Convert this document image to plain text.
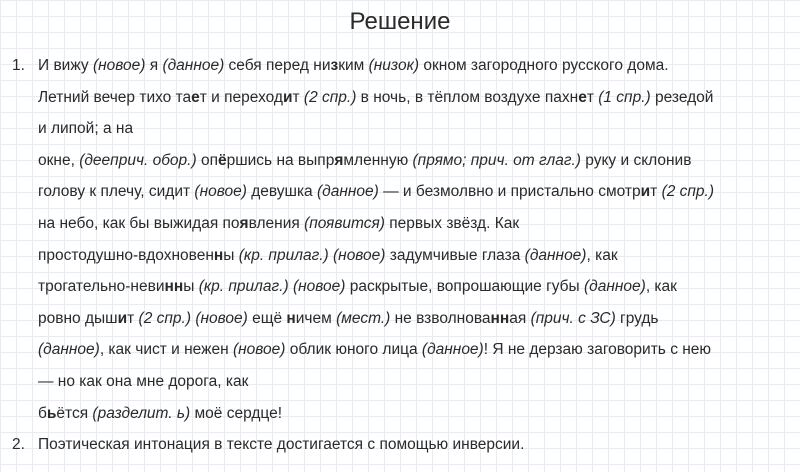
Решение
1. И вижу (новое) я (данное) себя перед низким (низок) окном загородного русского дома.
Летний вечер тихо тает и переходит (2 спр.) в ночь, в тёплом воздухе пахнет (1 спр.) резедой
и липой; а на
окне, (дееприч. обор.) опёршись на выпрямленную (прямо; прич. от глаг.) руку и склонив
голову к плечу, сидит (новое) девушка (данное) — и безмолвно и пристально смотрит (2 спр.)
на небо, как бы выжидая появления (появится) первых звёзд. Как
простодушно-вдохновенны (кр. прилаг.) (новое) задумчивые глаза (данное), как
трогательно-невинны (кр. прилаг.) (новое) раскрытые, вопрошающие губы (данное), как
ровно дышит (2 спр.) (новое) ещё ничем (мест.) не взволнованная (прич. с ЗС) грудь
(данное), как чист и нежен (новое) облик юного лица (данное)! Я не дерзаю заговорить с нею
— но как она мне дорога, как
бьётся (разделит. ь) моё сердце!
2. Поэтическая интонация в тексте достигается с помощью инверсии.
